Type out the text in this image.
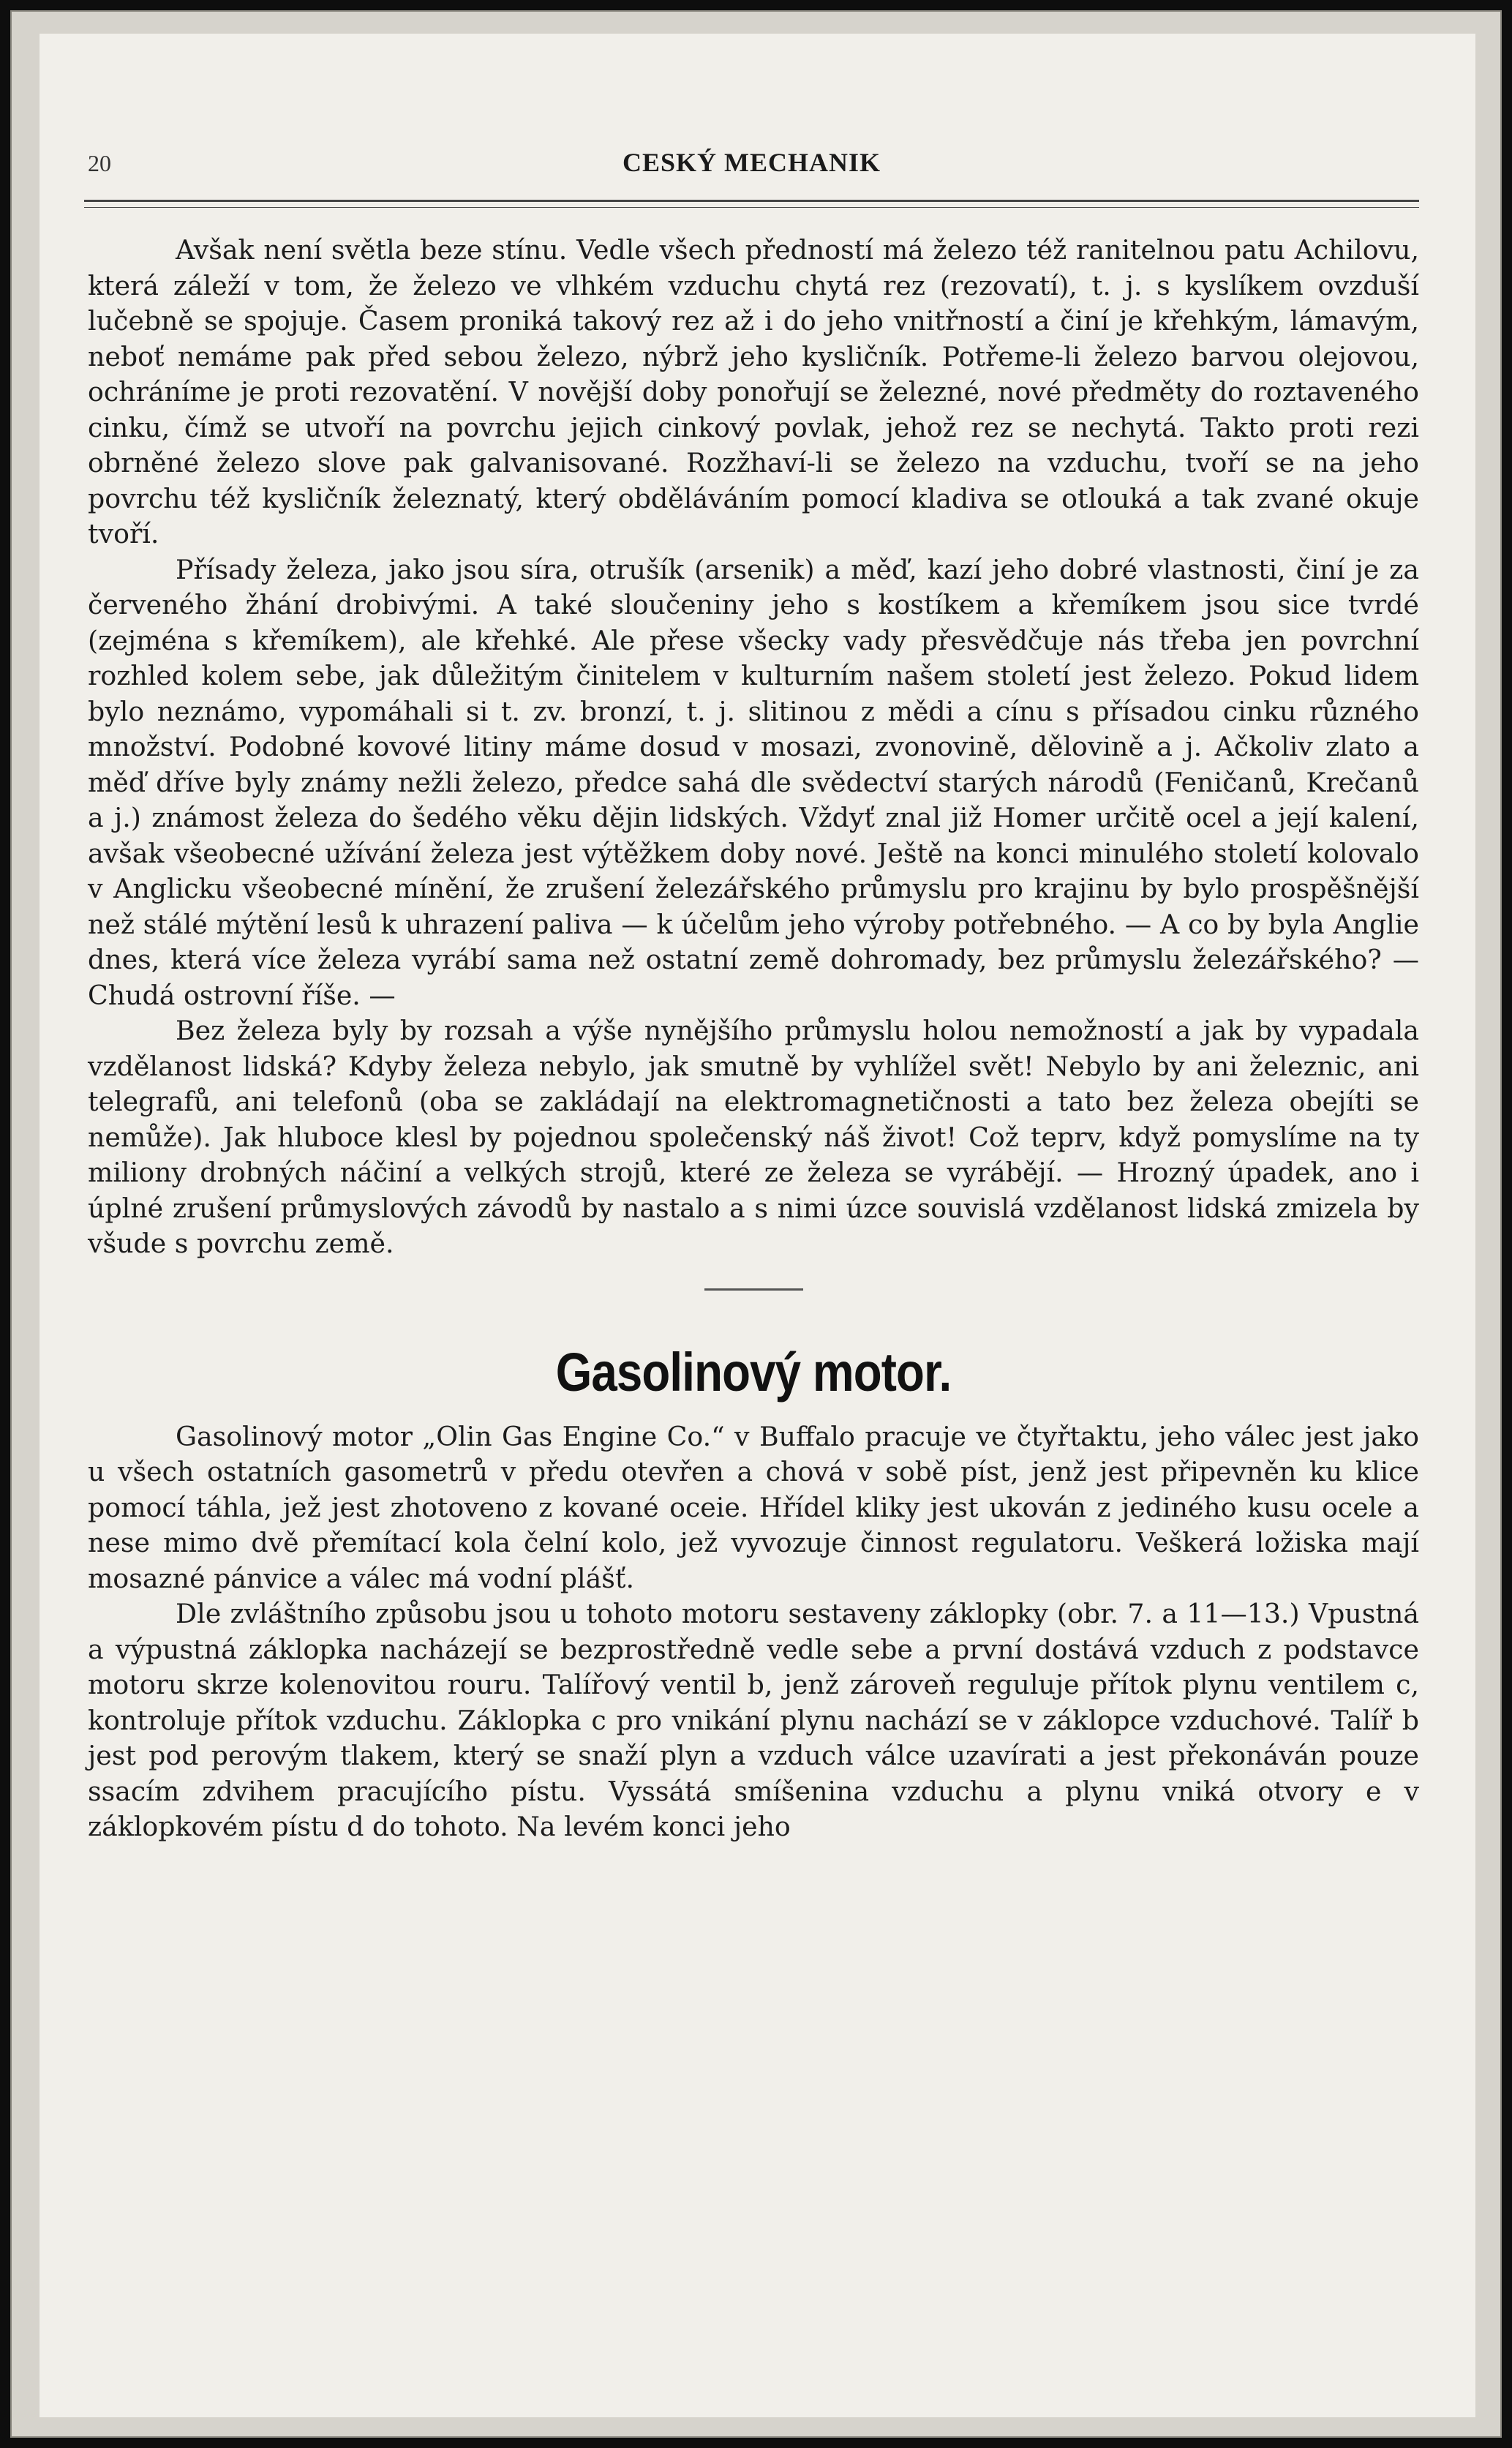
20	CESKÝ MECHANIK

Avšak není světla beze stínu. Vedle všech předností má železo též ranitelnou patu Achilovu, která záleží v tom, že železo ve vlhkém vzduchu chytá rez (rezovatí), t. j. s kyslíkem ovzduší lučebně se spojuje. Časem proniká takový rez až i do jeho vnitřností a činí je křehkým, lámavým, neboť nemáme pak před sebou železo, nýbrž jeho kysličník. Potřeme-li železo barvou olejovou, ochráníme je proti rezovatění. V novější doby ponořují se železné, nové předměty do roztaveného cinku, čímž se utvoří na povrchu jejich cinkový povlak, jehož rez se nechytá. Takto proti rezi obrněné železo slove pak galvanisované. Rozžhaví-li se železo na vzduchu, tvoří se na jeho povrchu též kysličník železnatý, který obděláváním pomocí kladiva se otlouká a tak zvané okuje tvoří.

Přísady železa, jako jsou síra, otrušík (arsenik) a měď, kazí jeho dobré vlastnosti, činí je za červeného žhání drobivými. A také sloučeniny jeho s kostíkem a křemíkem jsou sice tvrdé (zejména s křemíkem), ale křehké. Ale přese všecky vady přesvědčuje nás třeba jen povrchní rozhled kolem sebe, jak důležitým činitelem v kulturním našem století jest železo. Pokud lidem bylo neznámo, vypomáhali si t. zv. bronzí, t. j. slitinou z mědi a cínu s přísadou cinku různého množství. Podobné kovové litiny máme dosud v mosazi, zvonovině, dělovině a j. Ačkoliv zlato a měď dříve byly známy nežli železo, předce sahá dle svědectví starých národů (Feničanů, Krečanů a j.) známost železa do šedého věku dějin lidských. Vždyť znal již Homer určitě ocel a její kalení, avšak všeobecné užívání železa jest výtěžkem doby nové. Ještě na konci minulého století kolovalo v Anglicku všeobecné mínění, že zrušení železářského průmyslu pro krajinu by bylo prospěšnější než stálé mýtění lesů k uhrazení paliva — k účelům jeho výroby potřebného. — A co by byla Anglie dnes, která více železa vyrábí sama než ostatní země dohromady, bez průmyslu železářského? — Chudá ostrovní říše. —

Bez železa byly by rozsah a výše nynějšího průmyslu holou nemožností a jak by vypadala vzdělanost lidská? Kdyby železa nebylo, jak smutně by vyhlížel svět! Nebylo by ani železnic, ani telegrafů, ani telefonů (oba se zakládají na elektromagnetičnosti a tato bez železa obejíti se nemůže). Jak hluboce klesl by pojednou společenský náš život! Což teprv, když pomyslíme na ty miliony drobných náčiní a velkých strojů, které ze železa se vyrábějí. — Hrozný úpadek, ano i úplné zrušení průmyslových závodů by nastalo a s nimi úzce souvislá vzdělanost lidská zmizela by všude s povrchu země.

Gasolinový motor.

Gasolinový motor „Olin Gas Engine Co.“ v Buffalo pracuje ve čtyřtaktu, jeho válec jest jako u všech ostatních gasometrů v předu otevřen a chová v sobě píst, jenž jest připevněn ku klice pomocí táhla, jež jest zhotoveno z kované oceie. Hřídel kliky jest ukován z jediného kusu ocele a nese mimo dvě přemítací kola čelní kolo, jež vyvozuje činnost regulatoru. Veškerá ložiska mají mosazné pánvice a válec má vodní plášť.

Dle zvláštního způsobu jsou u tohoto motoru sestaveny záklopky (obr. 7. a 11—13.) Vpustná a výpustná záklopka nacházejí se bezprostředně vedle sebe a první dostává vzduch z podstavce motoru skrze kolenovitou rouru. Talířový ventil b, jenž zároveň reguluje přítok plynu ventilem c, kontroluje přítok vzduchu. Záklopka c pro vnikání plynu nachází se v záklopce vzduchové. Talíř b jest pod perovým tlakem, který se snaží plyn a vzduch válce uzavírati a jest překonáván pouze ssacím zdvihem pracujícího pístu. Vyssátá smíšenina vzduchu a plynu vniká otvory e v záklopkovém pístu d do tohoto. Na levém konci jeho
